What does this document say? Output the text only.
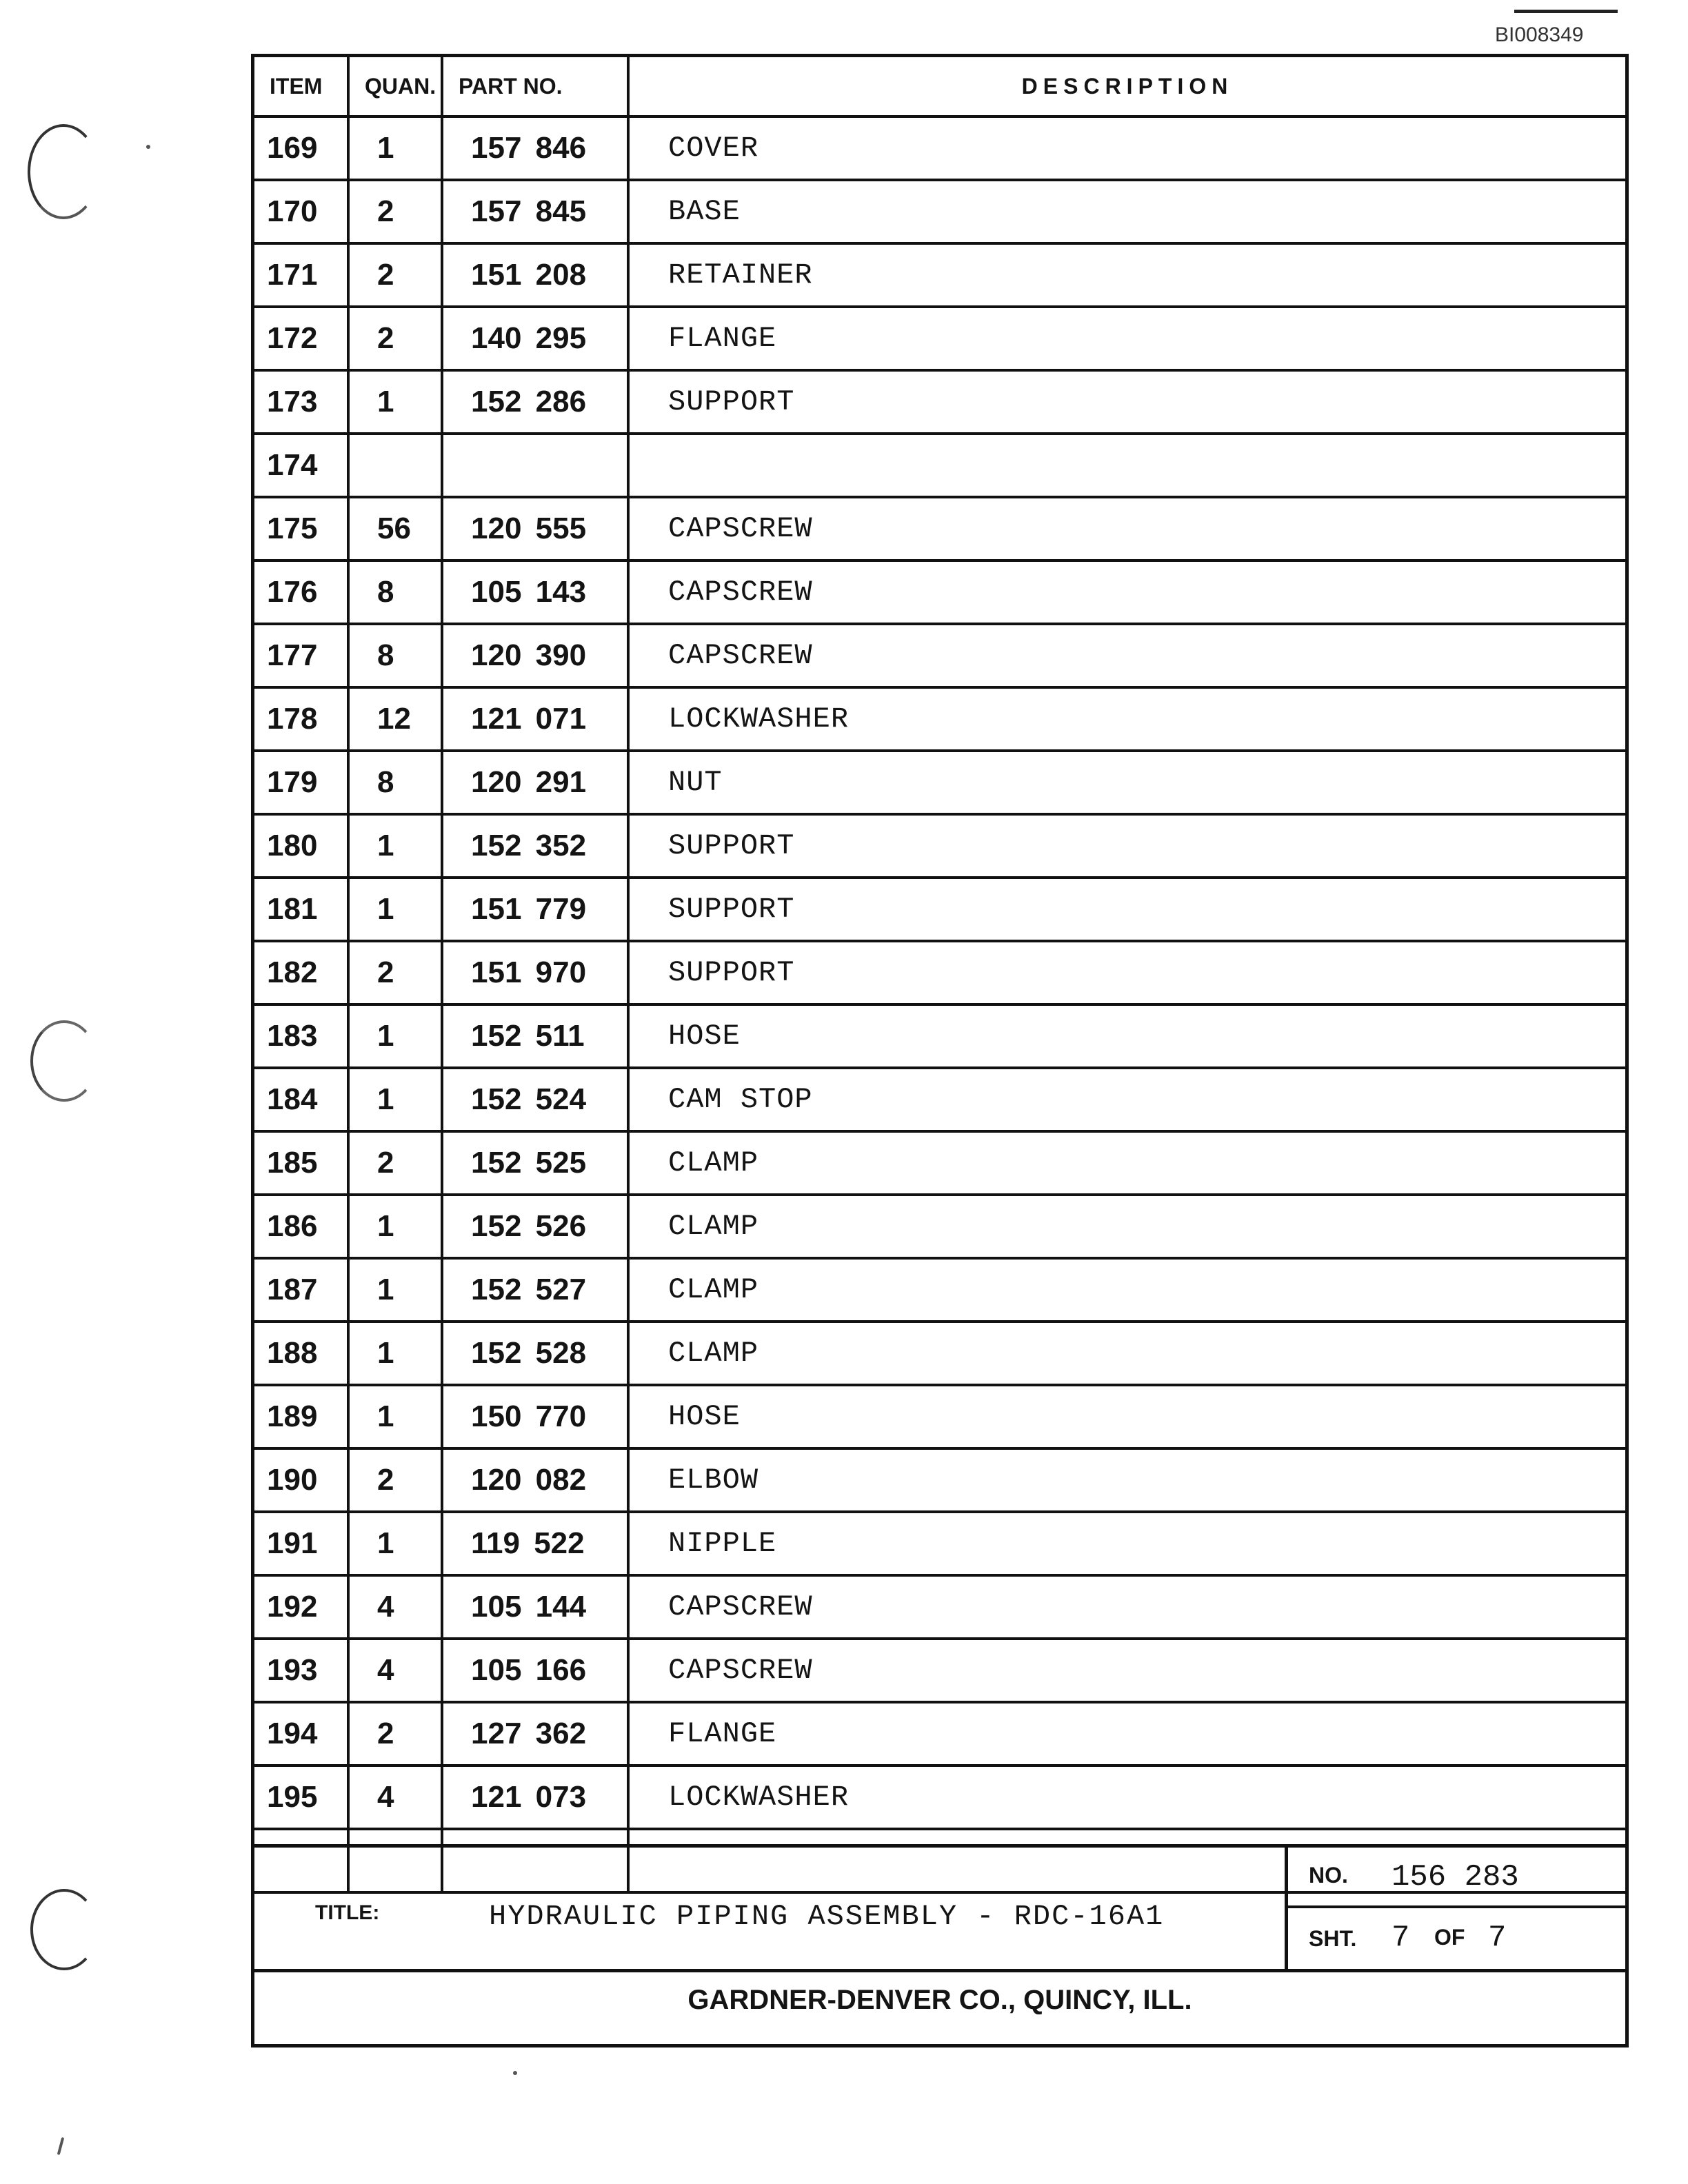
BI008349
ITEM	QUAN.	PART NO.	DESCRIPTION
169	1	157 846	COVER
170	2	157 845	BASE
171	2	151 208	RETAINER
172	2	140 295	FLANGE
173	1	152 286	SUPPORT
174			
175	56	120 555	CAPSCREW
176	8	105 143	CAPSCREW
177	8	120 390	CAPSCREW
178	12	121 071	LOCKWASHER
179	8	120 291	NUT
180	1	152 352	SUPPORT
181	1	151 779	SUPPORT
182	2	151 970	SUPPORT
183	1	152 511	HOSE
184	1	152 524	CAM STOP
185	2	152 525	CLAMP
186	1	152 526	CLAMP
187	1	152 527	CLAMP
188	1	152 528	CLAMP
189	1	150 770	HOSE
190	2	120 082	ELBOW
191	1	119 522	NIPPLE
192	4	105 144	CAPSCREW
193	4	105 166	CAPSCREW
194	2	127 362	FLANGE
195	4	121 073	LOCKWASHER

TITLE:	HYDRAULIC PIPING ASSEMBLY - RDC-16A1
NO. 156 283
SHT. 7 OF 7
GARDNER-DENVER CO., QUINCY, ILL.
